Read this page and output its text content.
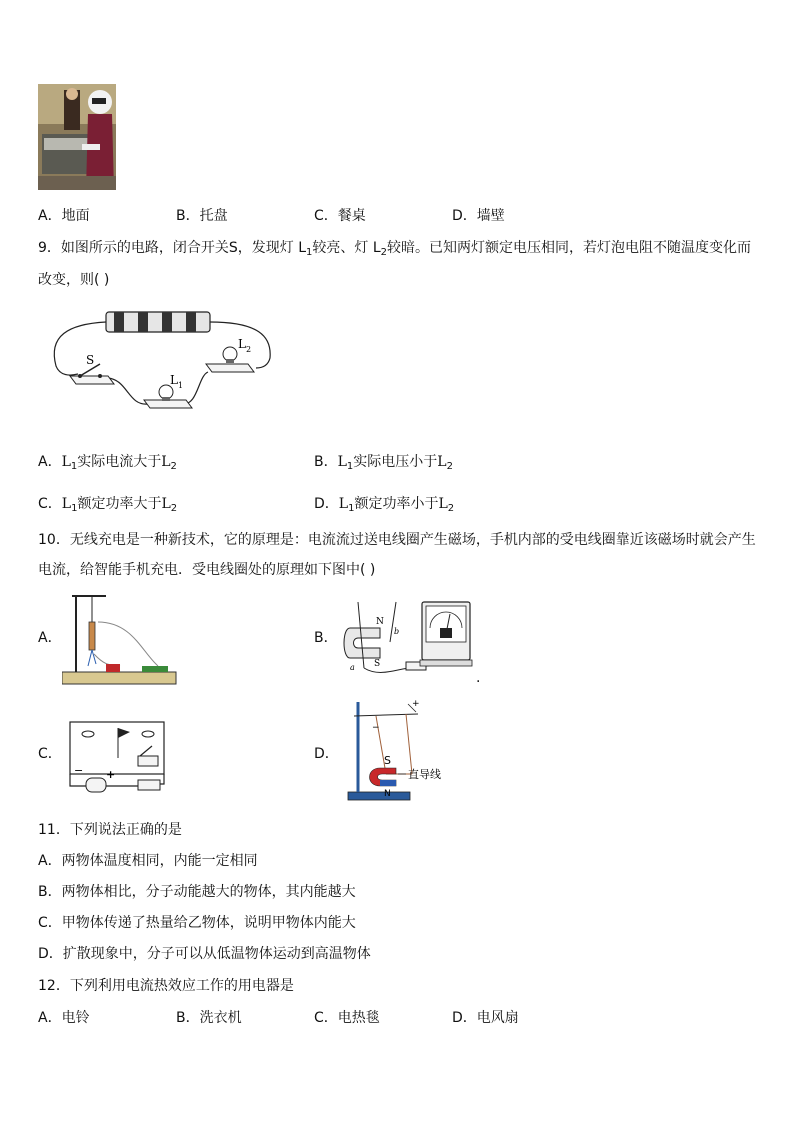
A．地面	B．托盘	C．餐桌	D．墙壁
9．如图所示的电路，闭合开关S，发现灯 $L_1$较亮、灯 $L_2$较暗。已知两灯额定电压相同，若灯泡电阻不随温度变化而
改变，则( )
S
L 1
L 2
A．$L_1$实际电流大于$L_2$	B．$L_1$实际电压小于$L_2$
C．$L_1$额定功率大于$L_2$	D．$L_1$额定功率小于$L_2$
10．无线充电是一种新技术，它的原理是：电流流过送电线圈产生磁场，手机内部的受电线圈靠近该磁场时就会产生
电流，给智能手机充电．受电线圈处的原理如下图中( )
A．	B．
N
S
b
a
.
C．
− +
D．
+
−
S
N
直导线
11．下列说法正确的是
A．两物体温度相同，内能一定相同
B．两物体相比，分子动能越大的物体，其内能越大
C．甲物体传递了热量给乙物体，说明甲物体内能大
D．扩散现象中，分子可以从低温物体运动到高温物体
12．下列利用电流热效应工作的用电器是
A．电铃	B．洗衣机	C．电热毯	D．电风扇
